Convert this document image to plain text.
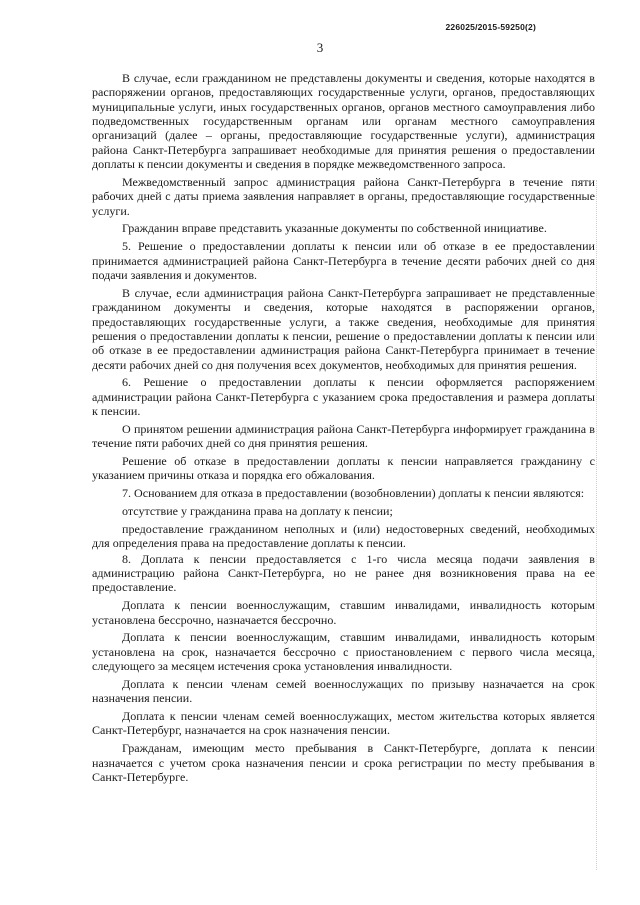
226025/2015-59250(2)
3

В случае, если гражданином не представлены документы и сведения, которые находятся в распоряжении органов, предоставляющих государственные услуги, органов, предоставляющих муниципальные услуги, иных государственных органов, органов местного самоуправления либо подведомственных государственным органам или органам местного самоуправления организаций (далее – органы, предоставляющие государственные услуги), администрация района Санкт-Петербурга запрашивает необходимые для принятия решения о предоставлении доплаты к пенсии документы и сведения в порядке межведомственного запроса.

Межведомственный запрос администрация района Санкт-Петербурга в течение пяти рабочих дней с даты приема заявления направляет в органы, предоставляющие государственные услуги.

Гражданин вправе представить указанные документы по собственной инициативе.

5. Решение о предоставлении доплаты к пенсии или об отказе в ее предоставлении принимается администрацией района Санкт-Петербурга в течение десяти рабочих дней со дня подачи заявления и документов.

В случае, если администрация района Санкт-Петербурга запрашивает не представленные гражданином документы и сведения, которые находятся в распоряжении органов, предоставляющих государственные услуги, а также сведения, необходимые для принятия решения о предоставлении доплаты к пенсии, решение о предоставлении доплаты к пенсии или об отказе в ее предоставлении администрация района Санкт-Петербурга принимает в течение десяти рабочих дней со дня получения всех документов, необходимых для принятия решения.

6. Решение о предоставлении доплаты к пенсии оформляется распоряжением администрации района Санкт-Петербурга с указанием срока предоставления и размера доплаты к пенсии.

О принятом решении администрация района Санкт-Петербурга информирует гражданина в течение пяти рабочих дней со дня принятия решения.

Решение об отказе в предоставлении доплаты к пенсии направляется гражданину с указанием причины отказа и порядка его обжалования.

7. Основанием для отказа в предоставлении (возобновлении) доплаты к пенсии являются:

отсутствие у гражданина права на доплату к пенсии;

предоставление гражданином неполных и (или) недостоверных сведений, необходимых для определения права на предоставление доплаты к пенсии.

8. Доплата к пенсии предоставляется с 1-го числа месяца подачи заявления в администрацию района Санкт-Петербурга, но не ранее дня возникновения права на ее предоставление.

Доплата к пенсии военнослужащим, ставшим инвалидами, инвалидность которым установлена бессрочно, назначается бессрочно.

Доплата к пенсии военнослужащим, ставшим инвалидами, инвалидность которым установлена на срок, назначается бессрочно с приостановлением с первого числа месяца, следующего за месяцем истечения срока установления инвалидности.

Доплата к пенсии членам семей военнослужащих по призыву назначается на срок назначения пенсии.

Доплата к пенсии членам семей военнослужащих, местом жительства которых является Санкт-Петербург, назначается на срок назначения пенсии.

Гражданам, имеющим место пребывания в Санкт-Петербурге, доплата к пенсии назначается с учетом срока назначения пенсии и срока регистрации по месту пребывания в Санкт-Петербурге.
